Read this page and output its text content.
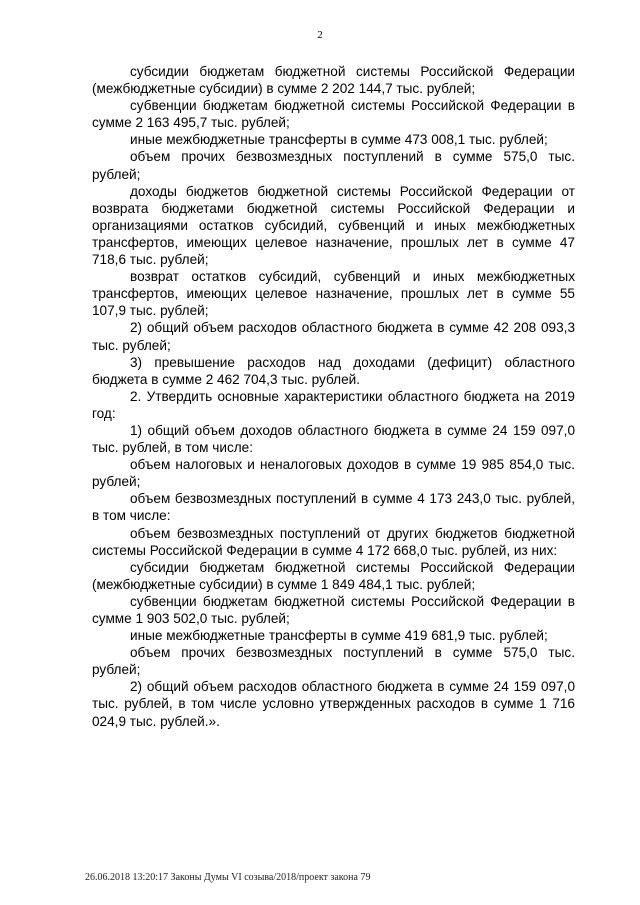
2

субсидии бюджетам бюджетной системы Российской Федерации (межбюджетные субсидии) в сумме 2 202 144,7 тыс. рублей;

субвенции бюджетам бюджетной системы Российской Федерации в сумме 2 163 495,7 тыс. рублей;

иные межбюджетные трансферты в сумме 473 008,1 тыс. рублей;

объем прочих безвозмездных поступлений в сумме 575,0 тыс. рублей;

доходы бюджетов бюджетной системы Российской Федерации от возврата бюджетами бюджетной системы Российской Федерации и организациями остатков субсидий, субвенций и иных межбюджетных трансфертов, имеющих целевое назначение, прошлых лет в сумме 47 718,6 тыс. рублей;

возврат остатков субсидий, субвенций и иных межбюджетных трансфертов, имеющих целевое назначение, прошлых лет в сумме 55 107,9 тыс. рублей;

2) общий объем расходов областного бюджета в сумме 42 208 093,3 тыс. рублей;

3) превышение расходов над доходами (дефицит) областного бюджета в сумме 2 462 704,3 тыс. рублей.

2. Утвердить основные характеристики областного бюджета на 2019 год:

1) общий объем доходов областного бюджета в сумме 24 159 097,0 тыс. рублей, в том числе:

объем налоговых и неналоговых доходов в сумме 19 985 854,0 тыс. рублей;

объем безвозмездных поступлений в сумме 4 173 243,0 тыс. рублей, в том числе:

объем безвозмездных поступлений от других бюджетов бюджетной системы Российской Федерации в сумме 4 172 668,0 тыс. рублей, из них:

субсидии бюджетам бюджетной системы Российской Федерации (межбюджетные субсидии) в сумме 1 849 484,1 тыс. рублей;

субвенции бюджетам бюджетной системы Российской Федерации в сумме 1 903 502,0 тыс. рублей;

иные межбюджетные трансферты в сумме 419 681,9 тыс. рублей;

объем прочих безвозмездных поступлений в сумме 575,0 тыс. рублей;

2) общий объем расходов областного бюджета в сумме 24 159 097,0 тыс. рублей, в том числе условно утвержденных расходов в сумме 1 716 024,9 тыс. рублей.».

26.06.2018 13:20:17 Законы Думы VI созыва/2018/проект закона 79
